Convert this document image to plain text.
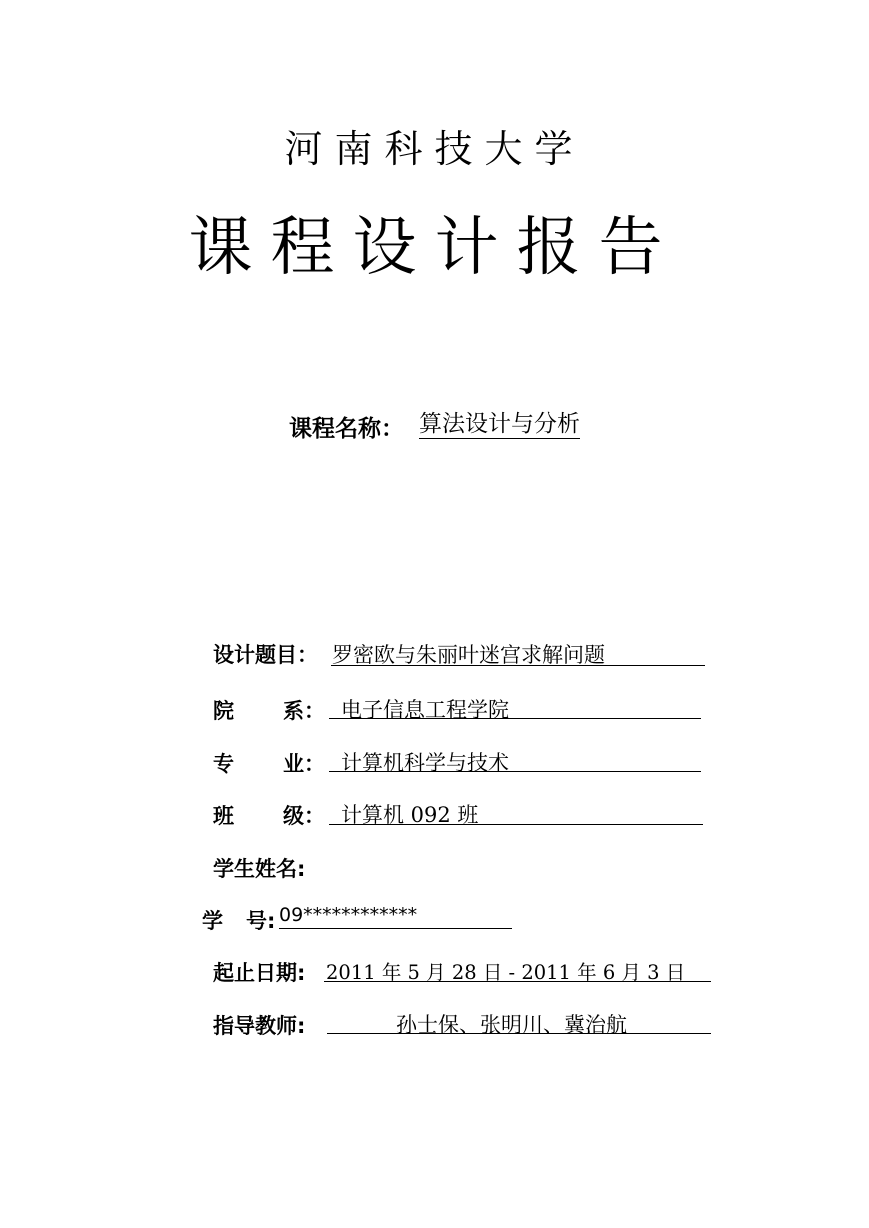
河南科技大学
课程设计报告
课程名称： 算法设计与分析
设计题目： 罗密欧与朱丽叶迷宫求解问题
院 系： 电子信息工程学院
专 业： 计算机科学与技术
班 级： 计算机 092 班
学生姓名:
学 号: 09************
起止日期: 2011 年 5 月 28 日 - 2011 年 6 月 3 日
指导教师:	孙士保、张明川、冀治航
